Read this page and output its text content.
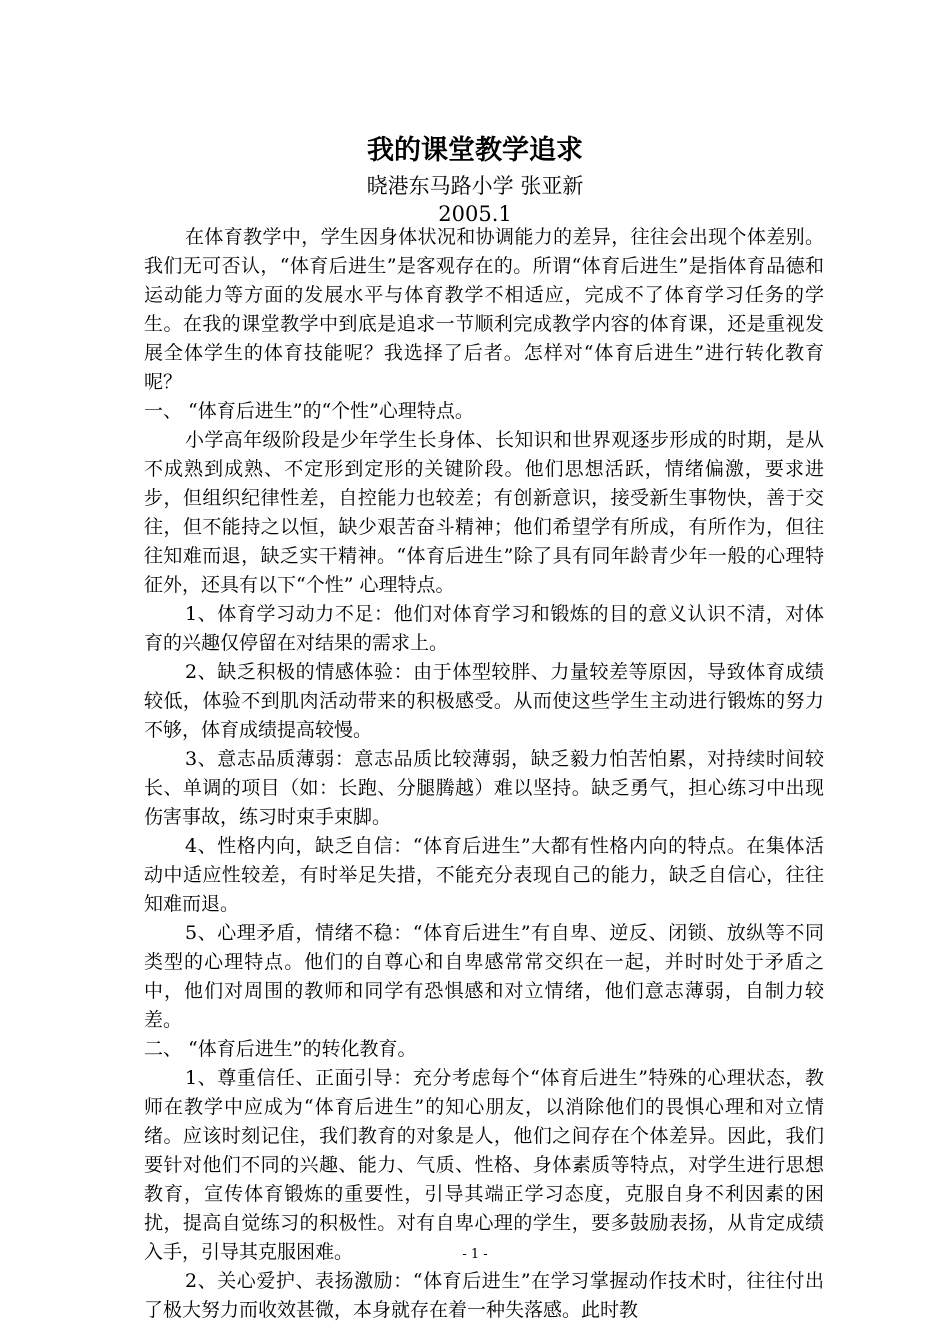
我的课堂教学追求
晓港东马路小学 张亚新
2005.1

在体育教学中，学生因身体状况和协调能力的差异，往往会出现个体差别。我们无可否认，“体育后进生”是客观存在的。所谓“体育后进生”是指体育品德和运动能力等方面的发展水平与体育教学不相适应，完成不了体育学习任务的学生。在我的课堂教学中到底是追求一节顺利完成教学内容的体育课，还是重视发展全体学生的体育技能呢？我选择了后者。怎样对“体育后进生”进行转化教育呢？

一、 “体育后进生”的“个性”心理特点。

小学高年级阶段是少年学生长身体、长知识和世界观逐步形成的时期，是从不成熟到成熟、不定形到定形的关键阶段。他们思想活跃，情绪偏激，要求进步，但组织纪律性差，自控能力也较差；有创新意识，接受新生事物快，善于交往，但不能持之以恒，缺少艰苦奋斗精神；他们希望学有所成，有所作为，但往往知难而退，缺乏实干精神。“体育后进生”除了具有同年龄青少年一般的心理特征外，还具有以下“个性” 心理特点。

1、体育学习动力不足：他们对体育学习和锻炼的目的意义认识不清，对体育的兴趣仅停留在对结果的需求上。

2、缺乏积极的情感体验：由于体型较胖、力量较差等原因，导致体育成绩较低，体验不到肌肉活动带来的积极感受。从而使这些学生主动进行锻炼的努力不够，体育成绩提高较慢。

3、意志品质薄弱：意志品质比较薄弱，缺乏毅力怕苦怕累，对持续时间较长、单调的项目（如：长跑、分腿腾越）难以坚持。缺乏勇气，担心练习中出现伤害事故，练习时束手束脚。

4、性格内向，缺乏自信：“体育后进生”大都有性格内向的特点。在集体活动中适应性较差，有时举足失措，不能充分表现自己的能力，缺乏自信心，往往知难而退。

5、心理矛盾，情绪不稳：“体育后进生”有自卑、逆反、闭锁、放纵等不同类型的心理特点。他们的自尊心和自卑感常常交织在一起，并时时处于矛盾之中，他们对周围的教师和同学有恐惧感和对立情绪，他们意志薄弱，自制力较差。

二、 “体育后进生”的转化教育。

1、尊重信任、正面引导：充分考虑每个“体育后进生”特殊的心理状态，教师在教学中应成为“体育后进生”的知心朋友，以消除他们的畏惧心理和对立情绪。应该时刻记住，我们教育的对象是人，他们之间存在个体差异。因此，我们要针对他们不同的兴趣、能力、气质、性格、身体素质等特点，对学生进行思想教育，宣传体育锻炼的重要性，引导其端正学习态度，克服自身不利因素的困扰，提高自觉练习的积极性。对有自卑心理的学生，要多鼓励表扬，从肯定成绩入手，引导其克服困难。

2、关心爱护、表扬激励：“体育后进生”在学习掌握动作技术时，往往付出了极大努力而收效甚微，本身就存在着一种失落感。此时教

- 1 -
